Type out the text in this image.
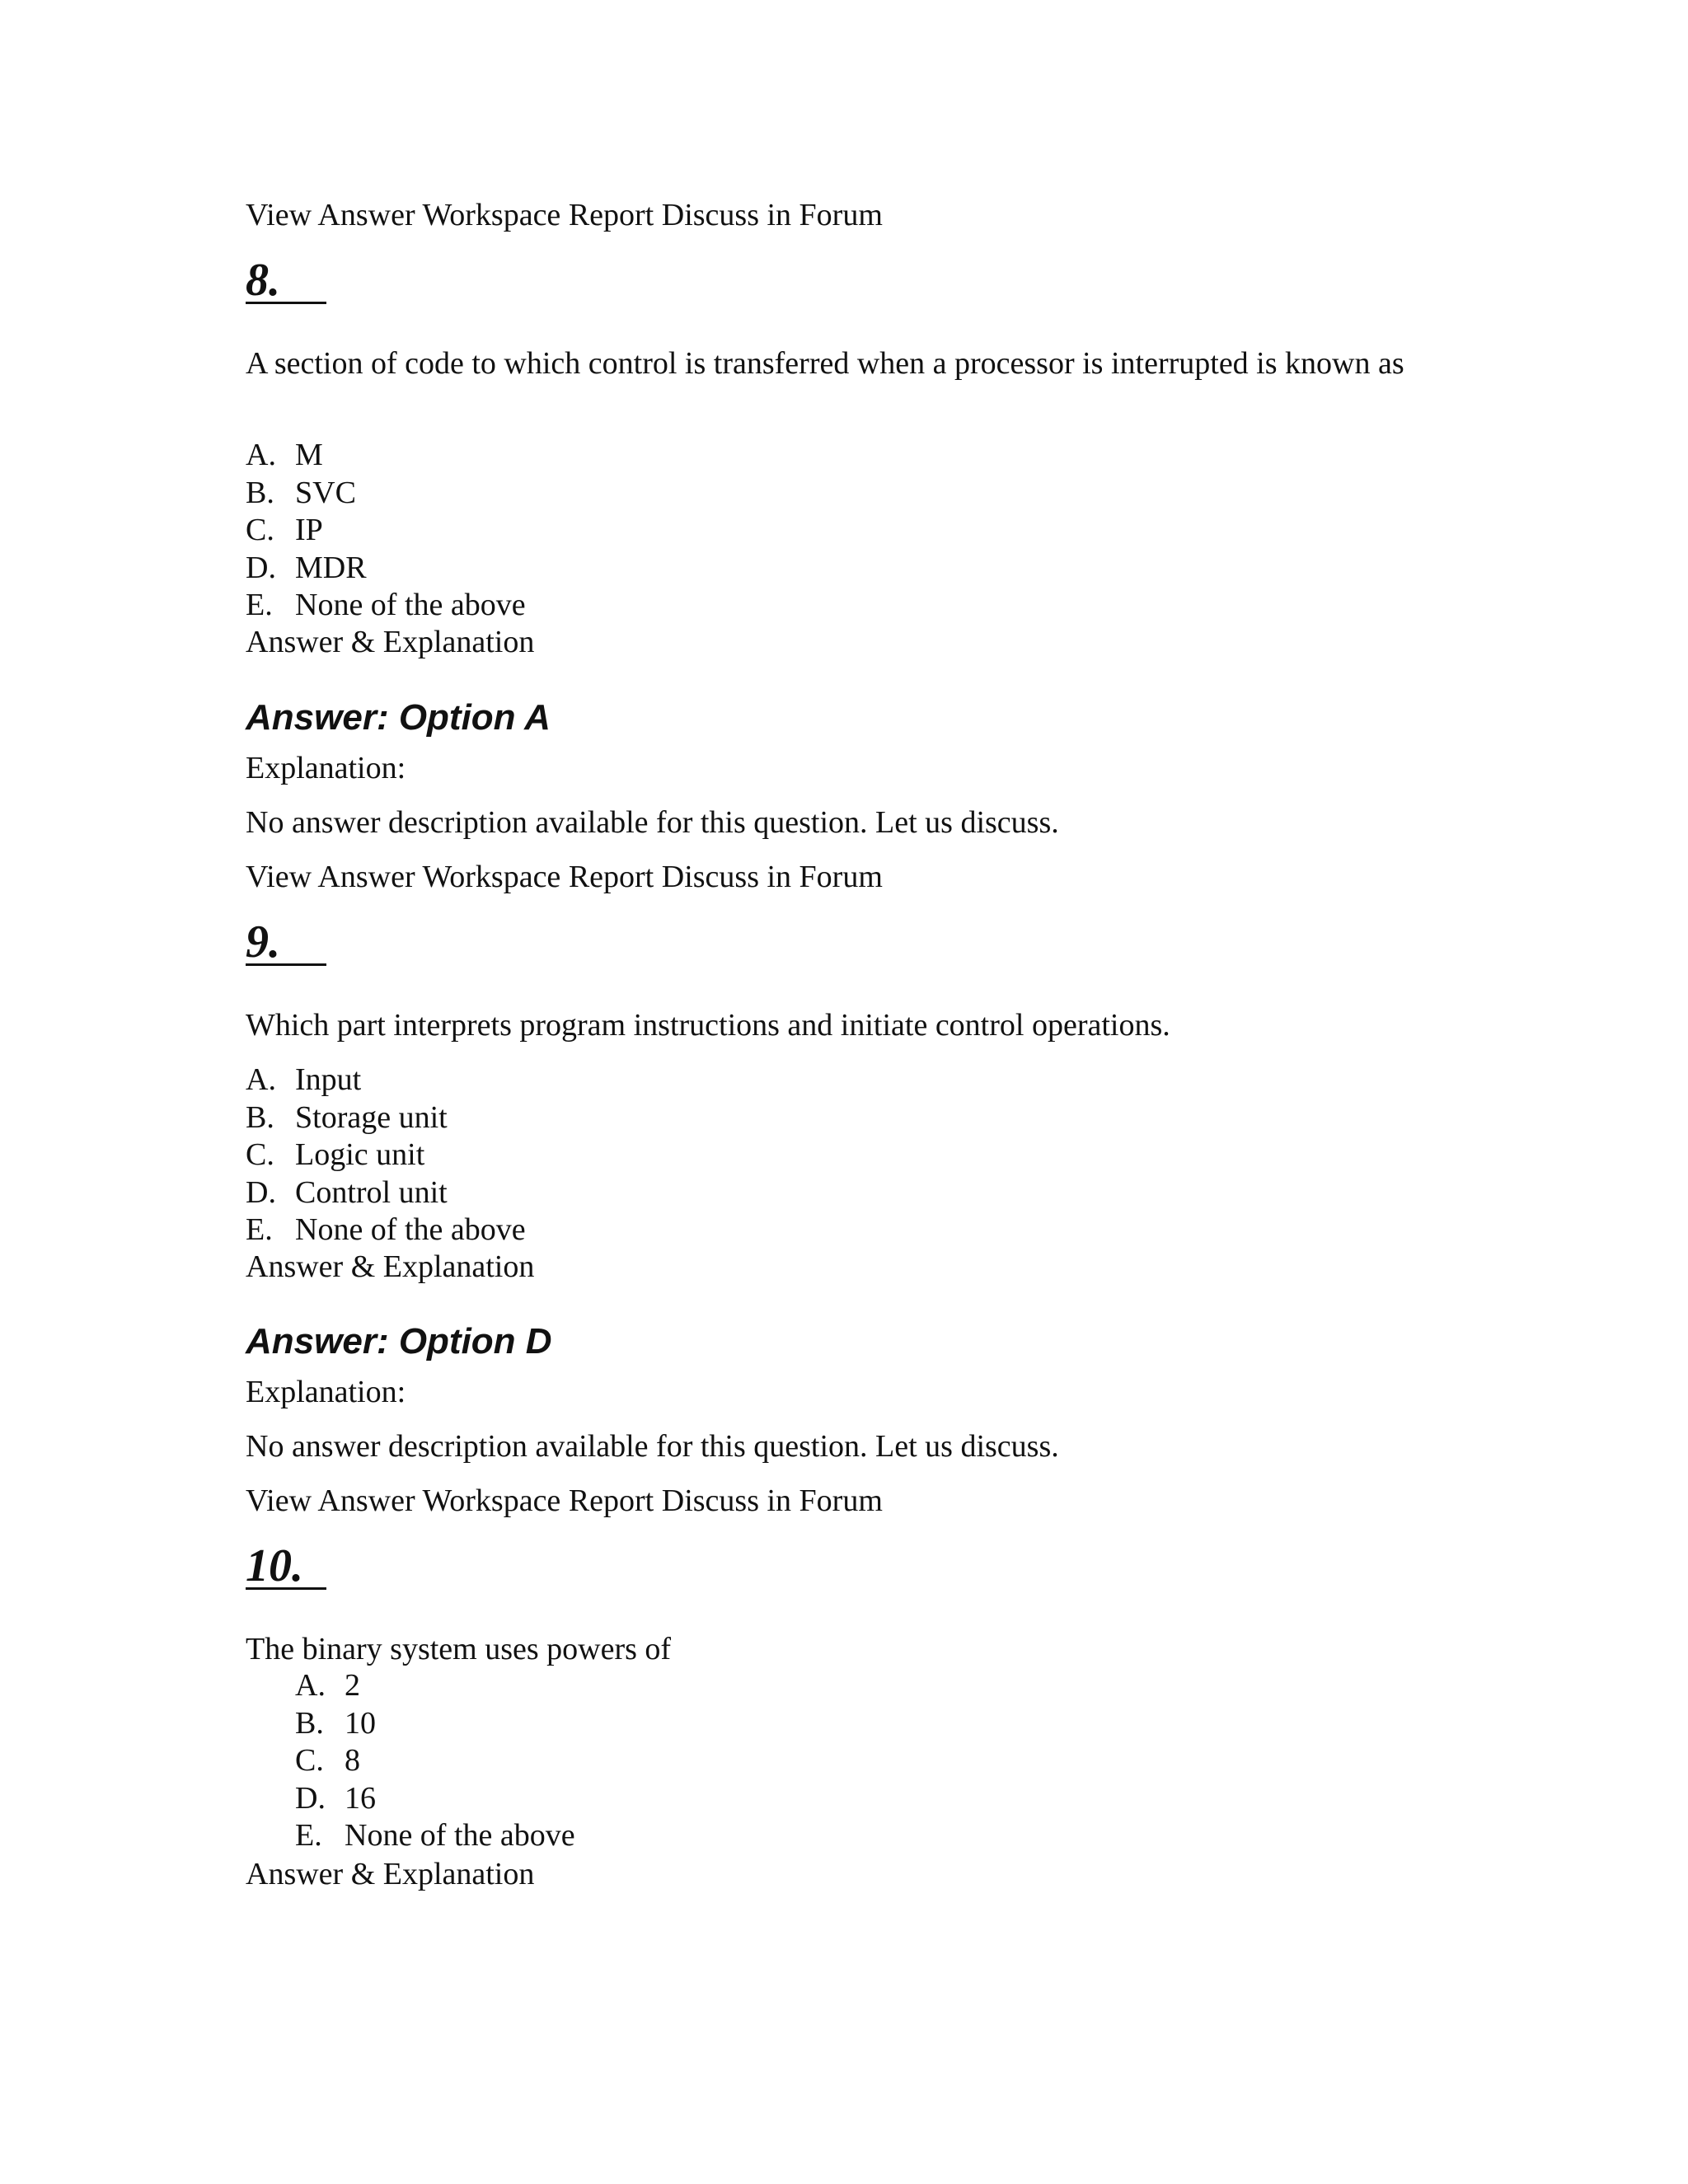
View Answer Workspace Report Discuss in Forum
8.
A section of code to which control is transferred when a processor is interrupted is known as
A. M
B. SVC
C. IP
D. MDR
E. None of the above
Answer & Explanation
Answer: Option A
Explanation:
No answer description available for this question. Let us discuss.
View Answer Workspace Report Discuss in Forum
9.
Which part interprets program instructions and initiate control operations.
A. Input
B. Storage unit
C. Logic unit
D. Control unit
E. None of the above
Answer & Explanation
Answer: Option D
Explanation:
No answer description available for this question. Let us discuss.
View Answer Workspace Report Discuss in Forum
10.
The binary system uses powers of
A. 2
B. 10
C. 8
D. 16
E. None of the above
Answer & Explanation
